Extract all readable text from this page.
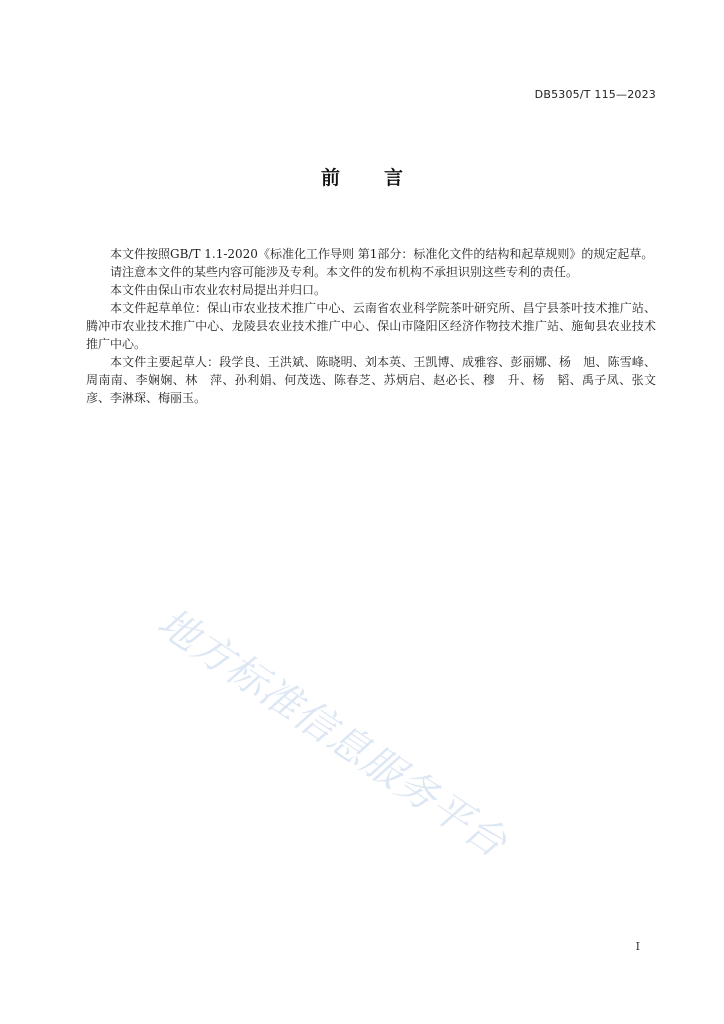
DB5305/T 115—2023
前 言

本文件按照GB/T 1.1-2020《标准化工作导则 第1部分：标准化文件的结构和起草规则》的规定起草。

请注意本文件的某些内容可能涉及专利。本文件的发布机构不承担识别这些专利的责任。

本文件由保山市农业农村局提出并归口。

本文件起草单位：保山市农业技术推广中心、云南省农业科学院茶叶研究所、昌宁县茶叶技术推广站、腾冲市农业技术推广中心、龙陵县农业技术推广中心、保山市隆阳区经济作物技术推广站、施甸县农业技术推广中心。

本文件主要起草人：段学良、王洪斌、陈晓明、刘本英、王凯博、成雅容、彭丽娜、杨　旭、陈雪峰、周南南、李娴娴、林　萍、孙利娟、何茂选、陈春芝、苏炳启、赵必长、穆　升、杨　韬、禹子凤、张文彦、李淋琛、梅丽玉。

地方标准信息服务平台
I
